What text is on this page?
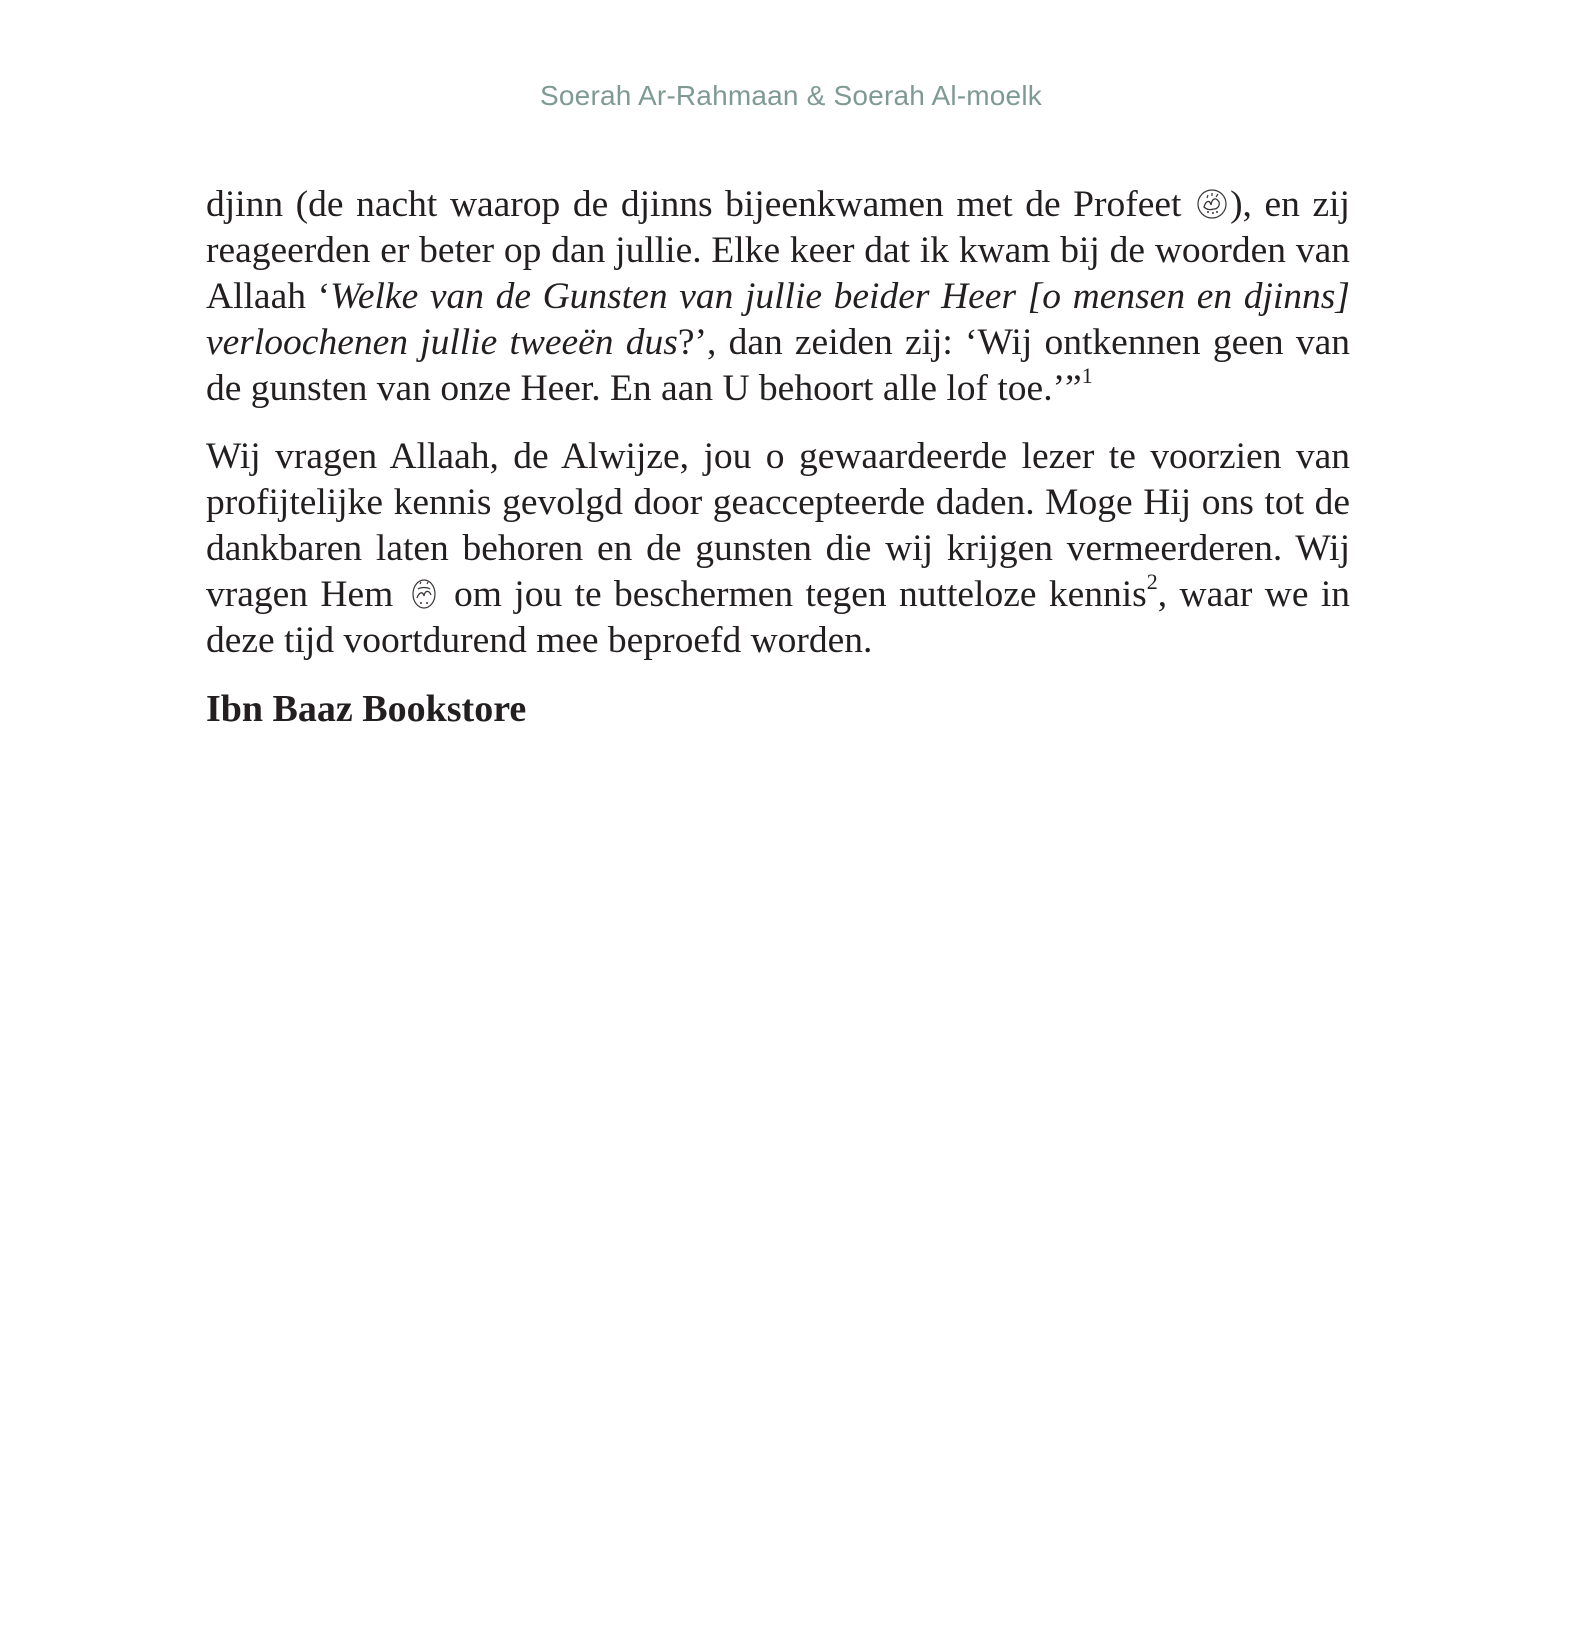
Soerah Ar-Rahmaan & Soerah Al-moelk

djinn (de nacht waarop de djinns bijeenkwamen met de Profeet
), en zij reageerden er beter op dan jullie. Elke keer dat ik kwam bij de woorden van Allaah ‘Welke van de Gunsten van jullie beider Heer [o mensen en djinns] verloochenen jullie tweeën dus?’, dan zeiden zij: ‘Wij ontkennen geen van de gunsten van onze Heer. En aan U behoort alle lof toe.’”$^1$

Wij vragen Allaah, de Alwijze, jou o gewaardeerde lezer te voorzien van profijtelijke kennis gevolgd door geaccepteerde daden. Moge Hij ons tot de dankbaren laten behoren en de gunsten die wij krijgen vermeerderen. Wij vragen Hem
om jou te beschermen tegen nutteloze kennis$^2$, waar we in deze tijd voortdurend mee beproefd worden.

Ibn Baaz Bookstore
